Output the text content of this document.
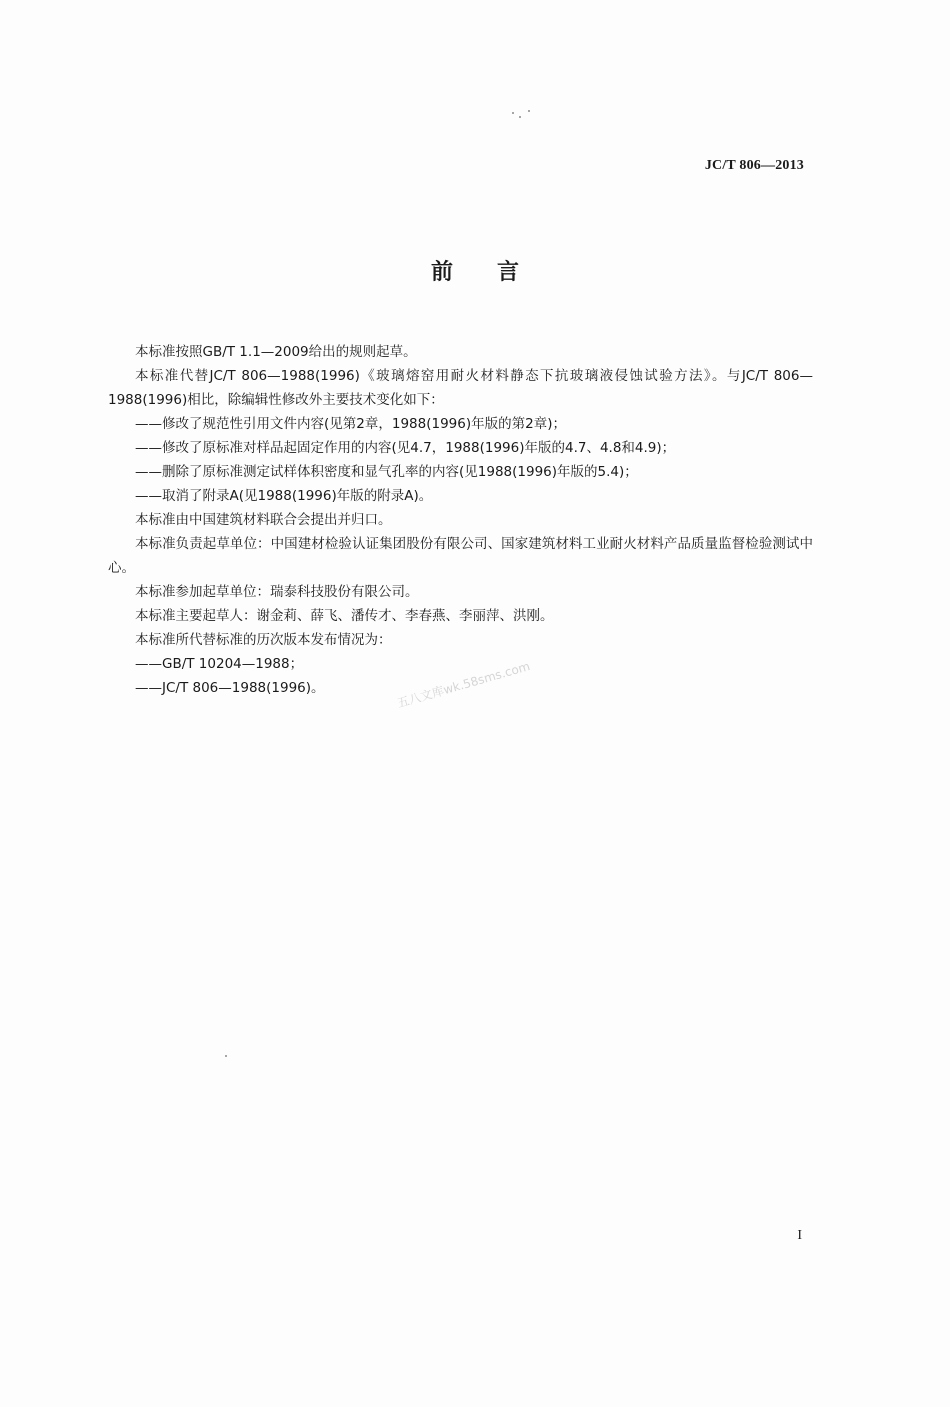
JC/T 806—2013
前言

本标准按照GB/T 1.1—2009给出的规则起草。

本标准代替JC/T 806—1988(1996)《玻璃熔窑用耐火材料静态下抗玻璃液侵蚀试验方法》。与JC/T 806—1988(1996)相比，除编辑性修改外主要技术变化如下：

——修改了规范性引用文件内容(见第2章，1988(1996)年版的第2章)；

——修改了原标准对样品起固定作用的内容(见4.7，1988(1996)年版的4.7、4.8和4.9)；

——删除了原标准测定试样体积密度和显气孔率的内容(见1988(1996)年版的5.4)；

——取消了附录A(见1988(1996)年版的附录A)。

本标准由中国建筑材料联合会提出并归口。

本标准负责起草单位：中国建材检验认证集团股份有限公司、国家建筑材料工业耐火材料产品质量监督检验测试中心。

本标准参加起草单位：瑞泰科技股份有限公司。

本标准主要起草人：谢金莉、薛飞、潘传才、李春燕、李丽萍、洪刚。

本标准所代替标准的历次版本发布情况为：

——GB/T 10204—1988；

——JC/T 806—1988(1996)。	五八文库wk.58sms.com
I
